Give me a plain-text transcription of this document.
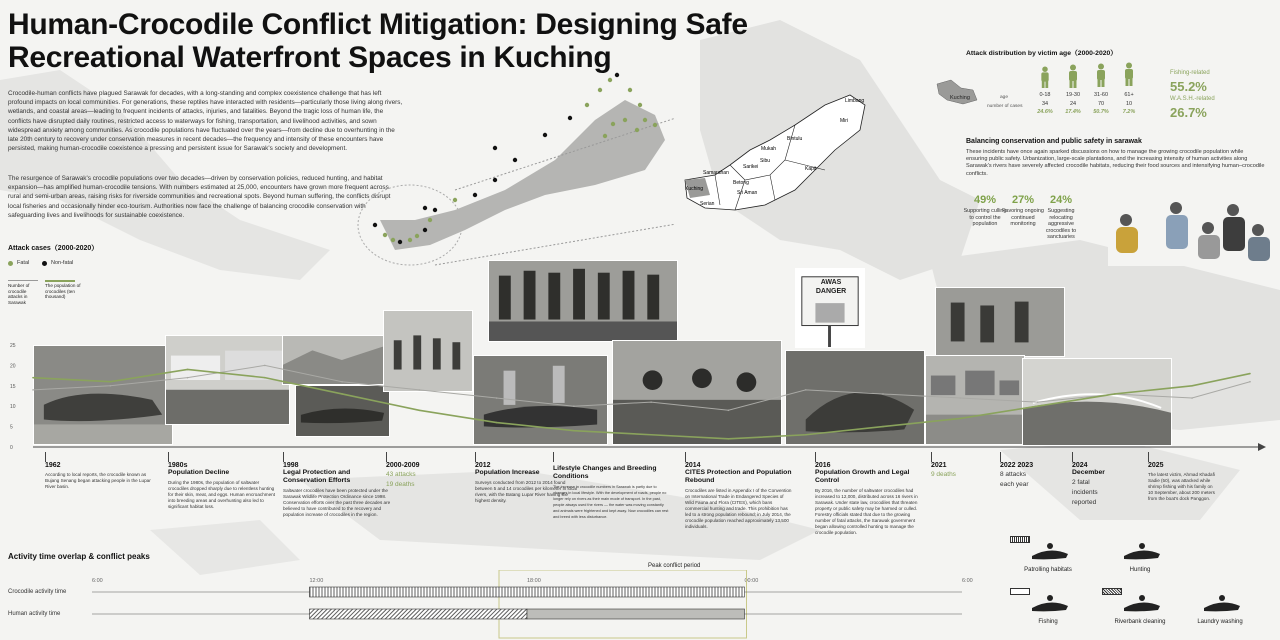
Human-Crocodile Conflict Mitigation: Designing Safe Recreational Waterfront Spaces in Kuching

Crocodile-human conflicts have plagued Sarawak for decades, with a long-standing and complex coexistence challenge that has left profound impacts on local communities. For generations, these reptiles have interacted with residents—particularly those living along rivers, wetlands, and coastal areas—leading to frequent incidents of attacks, injuries, and fatalities. Beyond the tragic loss of human life, the conflicts have disrupted daily routines, restricted access to waterways for fishing, transportation, and livelihood activities, and sown widespread anxiety among communities. As crocodile populations have fluctuated over the years—from decline due to overhunting in the late 20th century to recovery under conservation measures in recent decades—the frequency and intensity of these encounters have persisted, making human-crocodile coexistence a pressing and persistent issue for Sarawak's society and development.

The resurgence of Sarawak's crocodile populations over two decades—driven by conservation policies, reduced hunting, and habitat expansion—has amplified human-crocodile tensions. With numbers estimated at 25,000, encounters have grown more frequent across rural and semi-urban areas, raising risks for riverside communities and recreational spots. Beyond human suffering, the conflicts disrupt local fisheries and occasionally hinder eco-tourism. Authorities now face the challenge of balancing crocodile conservation with safeguarding lives and livelihoods for sustainable coexistence.

Limbang
Miri
Bintulu
Mukah
Sibu
Kapit
Sarikei
Betong
Sri Aman
Samarahan
Kuching
Serian
Kuching
Attack distribution by victim age（2000-2020）
age
number of cases
0-18
34
24.6%
19-30
24
17.4%
31-60
70
50.7%
61+
10
7.2%
Fishing-related
55.2%
W.A.S.H.-related
26.7%
Balancing conservation and public safety in sarawak

These incidents have once again sparked discussions on how to manage the growing crocodile population while ensuring public safety. Urbanization, large-scale plantations, and the increasing intensity of human activities along Sarawak's rivers have severely affected crocodile habitats, reducing their food sources and intensifying human–crocodile conflicts.

49%
Supporting culling to control the population
27%
Favoring ongoing continued monitoring
24%
Suggesting relocating aggressive crocodiles to sanctuaries
Attack cases（2000-2020）
Fatal	Non-fatal
Number of crocodile attacks in Sarawak
The population of crocodiles (ten thousand)
AWAS
DANGER
25
20
15
10
5
0
1962
According to local reports, the crocodile known as Bujang Senang began attacking people in the Lupar River basin.
1980s
Population Decline
During the 1980s, the population of saltwater crocodiles dropped sharply due to relentless hunting for their skin, meat, and eggs. Human encroachment into breeding areas and overhunting also led to significant habitat loss.
1998
Legal Protection and Conservation Efforts
Saltwater crocodiles have been protected under the Sarawak Wildlife Protection Ordinance since 1998. Conservation efforts over the past three decades are believed to have contributed to the recovery and population increase of crocodiles in the region.
2000-2009
43 attacks
19 deaths
2012
Population Increase
Surveys conducted from 2012 to 2014 found between 5 and 14 crocodiles per kilometer in local rivers, with the Batang Lupar River having the highest density.
Lifestyle Changes and Breeding Conditions
The increase in crocodile numbers in Sarawak is partly due to changes in local lifestyle. With the development of roads, people no longer rely on rivers as their main mode of transport. In the past, people always used the rivers — the water was moving constantly and animals were frightened and kept away. Now crocodiles can rest and breed with less disturbance.
2014
CITES Protection and Population Rebound
Crocodiles are listed in Appendix I of the Convention on International Trade in Endangered Species of Wild Fauna and Flora (CITES), which bans commercial hunting and trade. This prohibition has led to a strong population rebound; in July 2014, the crocodile population reached approximately 13,500 individuals.
2016
Population Growth and Legal Control
By 2016, the number of saltwater crocodiles had increased to 12,000, distributed across 16 rivers in Sarawak. Under state law, crocodiles that threaten property or public safety may be harmed or culled. Forestry officials stated that due to the growing number of fatal attacks, the Sarawak government began allowing controlled hunting to manage the crocodile population.
2021
9 deaths
2022 2023
8 attacks
each year
2024
December
2 fatal
incidents
reported
2025
The latest victim, Ahmad Khadafi Sadie (50), was attacked while shrimp fishing with his family on 10 September, about 200 meters from the boat's dock Panggon.
Activity time overlap & conflict peaks
6:00	12:00	18:00	00:00	6:00
Peak conflict period
Crocodile activity time
Human activity time
Patrolling habitats	Hunting
Fishing	Riverbank cleaning	Laundry washing
